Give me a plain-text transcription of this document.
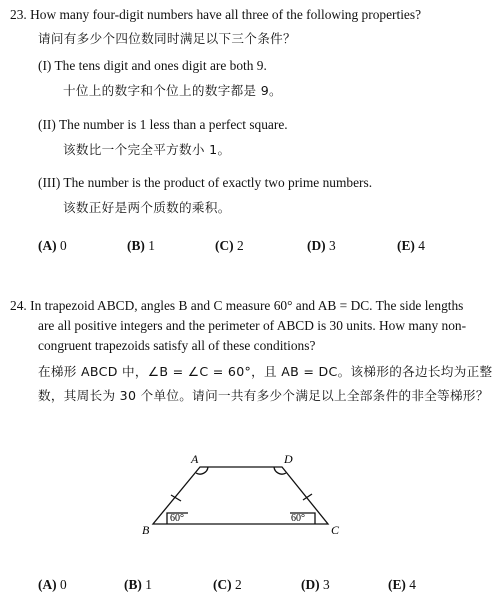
23. How many four-digit numbers have all three of the following properties?
请问有多少个四位数同时满足以下三个条件？
(I) The tens digit and ones digit are both 9.
十位上的数字和个位上的数字都是 9。
(II) The number is 1 less than a perfect square.
该数比一个完全平方数小 1。
(III) The number is the product of exactly two prime numbers.
该数正好是两个质数的乘积。
(A) 0	(B) 1	(C) 2	(D) 3	(E) 4
24. In trapezoid ABCD, angles B and C measure 60° and AB = DC. The side lengths
are all positive integers and the perimeter of ABCD is 30 units. How many non-
congruent trapezoids satisfy all of these conditions?
在梯形 ABCD 中，∠B = ∠C = 60°，且 AB = DC。该梯形的各边长均为正整
数，其周长为 30 个单位。请问一共有多少个满足以上全部条件的非全等梯形？
A	D
B	C
60°	60°
(A) 0	(B) 1	(C) 2	(D) 3	(E) 4
